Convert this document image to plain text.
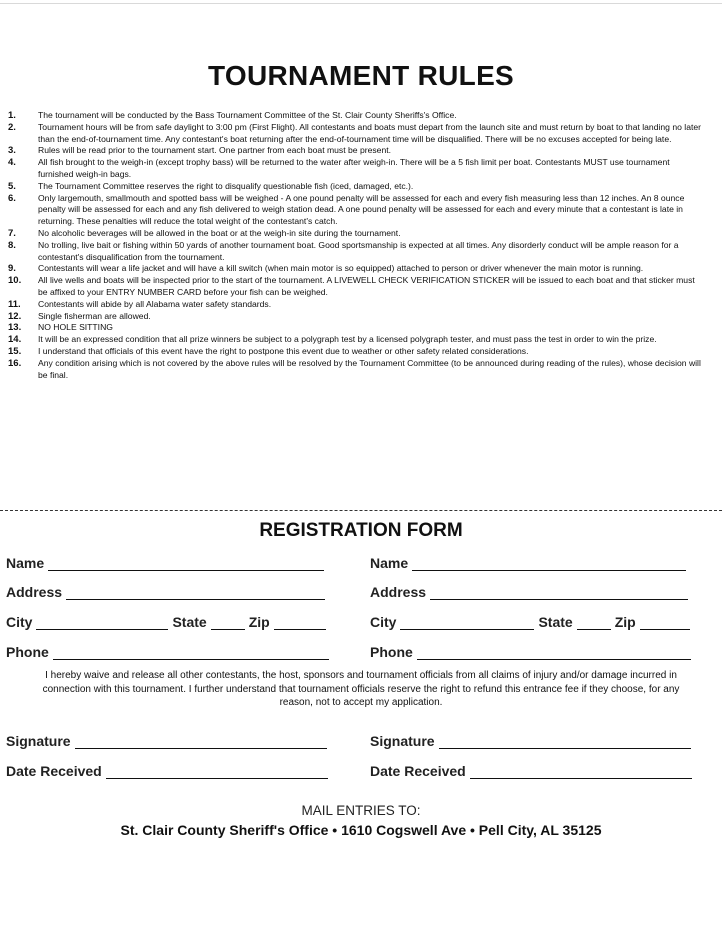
TOURNAMENT RULES
1.	The tournament will be conducted by the Bass Tournament Committee of the St. Clair County Sheriffs's Office.
2.	Tournament hours will be from safe daylight to 3:00 pm (First Flight). All contestants and boats must depart from the launch site and must return by boat to that landing no later than the end-of-tournament time. Any contestant's boat returning after the end-of-tournament time will be disqualified. There will be no excuses accepted for being late.
3.	Rules will be read prior to the tournament start. One partner from each boat must be present.
4.	All fish brought to the weigh-in (except trophy bass) will be returned to the water after weigh-in. There will be a 5 fish limit per boat. Contestants MUST use tournament furnished weigh-in bags.
5.	The Tournament Committee reserves the right to disqualify questionable fish (iced, damaged, etc.).
6.	Only largemouth, smallmouth and spotted bass will be weighed - A one pound penalty will be assessed for each and every fish measuring less than 12 inches. An 8 ounce penalty will be assessed for each and any fish delivered to weigh station dead. A one pound penalty will be assessed for each and every minute that a contestant is late in returning. These penalties will reduce the total weight of the contestant's catch.
7.	No alcoholic beverages will be allowed in the boat or at the weigh-in site during the tournament.
8.	No trolling, live bait or fishing within 50 yards of another tournament boat. Good sportsmanship is expected at all times. Any disorderly conduct will be ample reason for a contestant's disqualification from the tournament.
9.	Contestants will wear a life jacket and will have a kill switch (when main motor is so equipped) attached to person or driver whenever the main motor is running.
10.	All live wells and boats will be inspected prior to the start of the tournament. A LIVEWELL CHECK VERIFICATION STICKER will be issued to each boat and that sticker must be affixed to your ENTRY NUMBER CARD before your fish can be weighed.
11.	Contestants will abide by all Alabama water safety standards.
12.	Single fisherman are allowed.
13.	NO HOLE SITTING
14.	It will be an expressed condition that all prize winners be subject to a polygraph test by a licensed polygraph tester, and must pass the test in order to win the prize.
15.	I understand that officials of this event have the right to postpone this event due to weather or other safety related considerations.
16.	Any condition arising which is not covered by the above rules will be resolved by the Tournament Committee (to be announced during reading of the rules), whose decision will be final.
REGISTRATION FORM
Name
Address
City	State	Zip
Phone
Name
Address
City	State	Zip
Phone
I hereby waive and release all other contestants, the host, sponsors and tournament officials from all claims of injury and/or damage incurred in connection with this tournament. I further understand that tournament officials reserve the right to refund this entrance fee if they choose, for any reason, not to accept my application.
Signature
Date Received
Signature
Date Received
MAIL ENTRIES TO:
St. Clair County Sheriff's Office • 1610 Cogswell Ave • Pell City, AL 35125
